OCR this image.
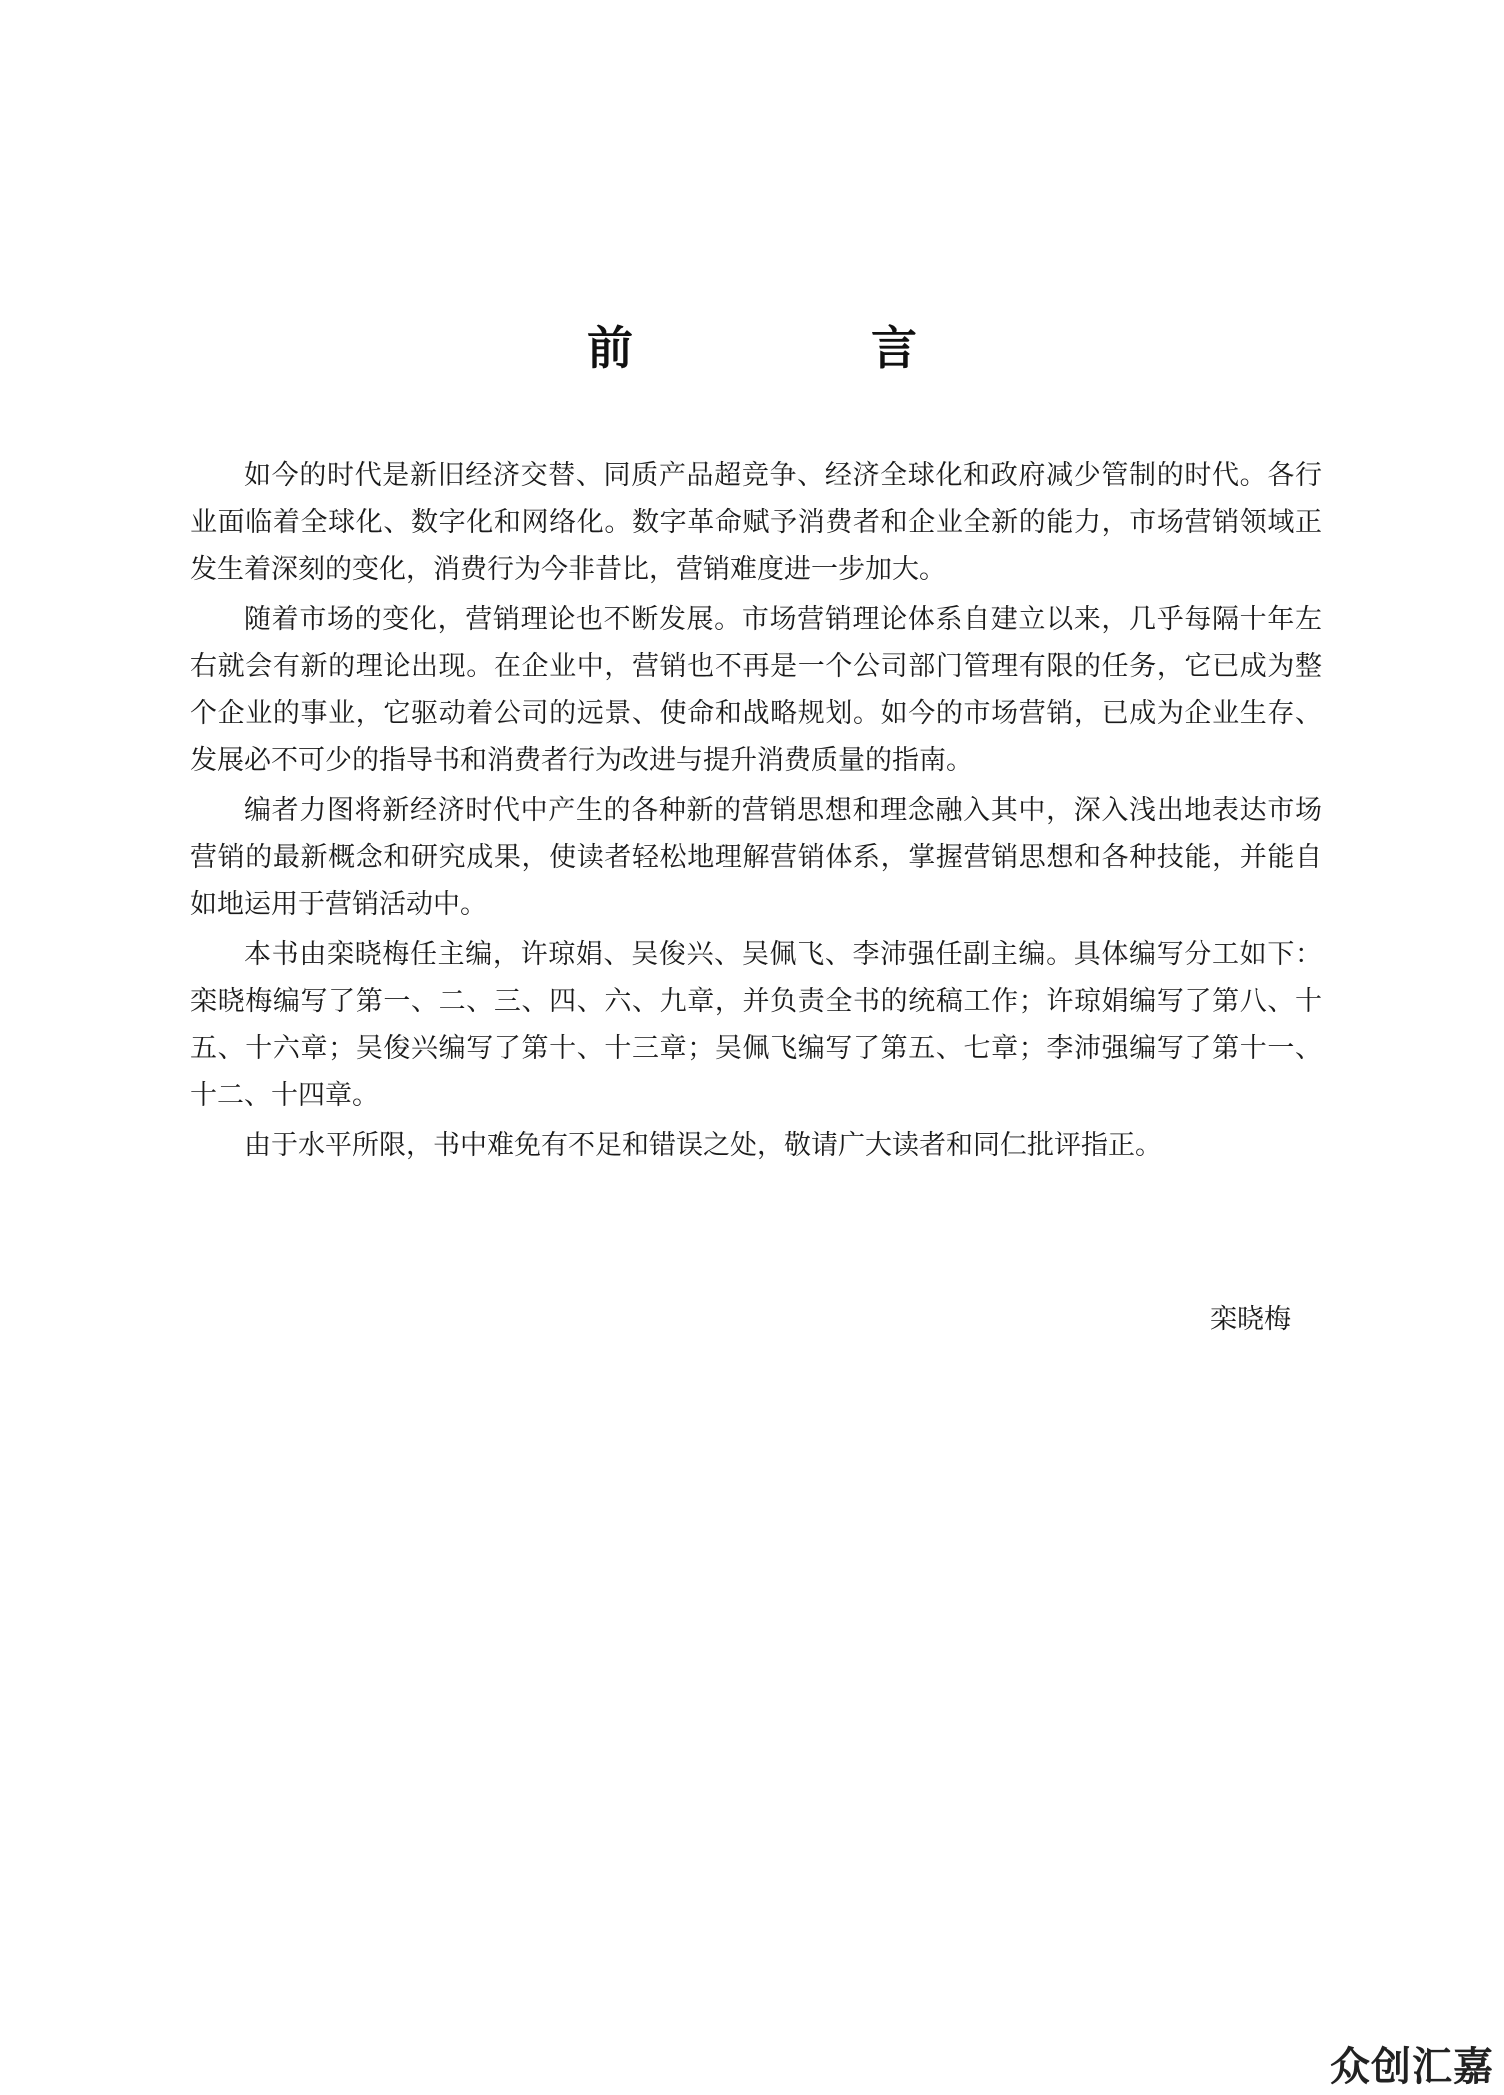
前　言

如今的时代是新旧经济交替、同质产品超竞争、经济全球化和政府减少管制的时代。各行业面临着全球化、数字化和网络化。数字革命赋予消费者和企业全新的能力，市场营销领域正发生着深刻的变化，消费行为今非昔比，营销难度进一步加大。

随着市场的变化，营销理论也不断发展。市场营销理论体系自建立以来，几乎每隔十年左右就会有新的理论出现。在企业中，营销也不再是一个公司部门管理有限的任务，它已成为整个企业的事业，它驱动着公司的远景、使命和战略规划。如今的市场营销，已成为企业生存、发展必不可少的指导书和消费者行为改进与提升消费质量的指南。

编者力图将新经济时代中产生的各种新的营销思想和理念融入其中，深入浅出地表达市场营销的最新概念和研究成果，使读者轻松地理解营销体系，掌握营销思想和各种技能，并能自如地运用于营销活动中。

本书由栾晓梅任主编，许琼娟、吴俊兴、吴佩飞、李沛强任副主编。具体编写分工如下：栾晓梅编写了第一、二、三、四、六、九章，并负责全书的统稿工作；许琼娟编写了第八、十五、十六章；吴俊兴编写了第十、十三章；吴佩飞编写了第五、七章；李沛强编写了第十一、十二、十四章。

由于水平所限，书中难免有不足和错误之处，敬请广大读者和同仁批评指正。

栾晓梅
众创汇嘉
